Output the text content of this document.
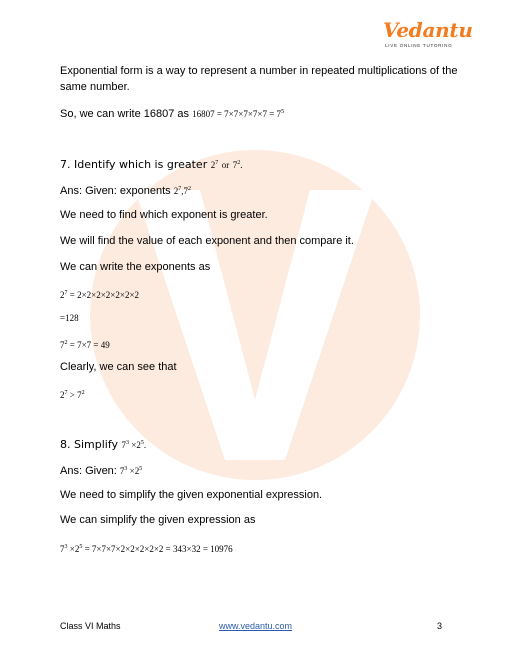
Vedantu
LIVE ONLINE TUTORING
Exponential form is a way to represent a number in repeated multiplications of the
same number.
So, we can write 16807 as $16807 = 7\times 7\times 7\times 7\times 7 = 7^5$
7. Identify which is greater $2^7$ or $7^2$.
Ans: Given: exponents $2^7,7^2$
We need to find which exponent is greater.
We will find the value of each exponent and then compare it.
We can write the exponents as
$2^7 = 2\times 2\times 2\times 2\times 2\times 2\times 2$
=128
$7^2 = 7\times 7 = 49$
Clearly, we can see that
$2^7 > 7^2$
8. Simplify $7^3 \times 2^5$.
Ans: Given: $7^3 \times 2^5$
We need to simplify the given exponential expression.
We can simplify the given expression as
$7^3 \times 2^5 = 7\times 7\times 7\times 2\times 2\times 2\times 2\times 2 = 343\times 32 = 10976$
Class VI Maths	www.vedantu.com	3
